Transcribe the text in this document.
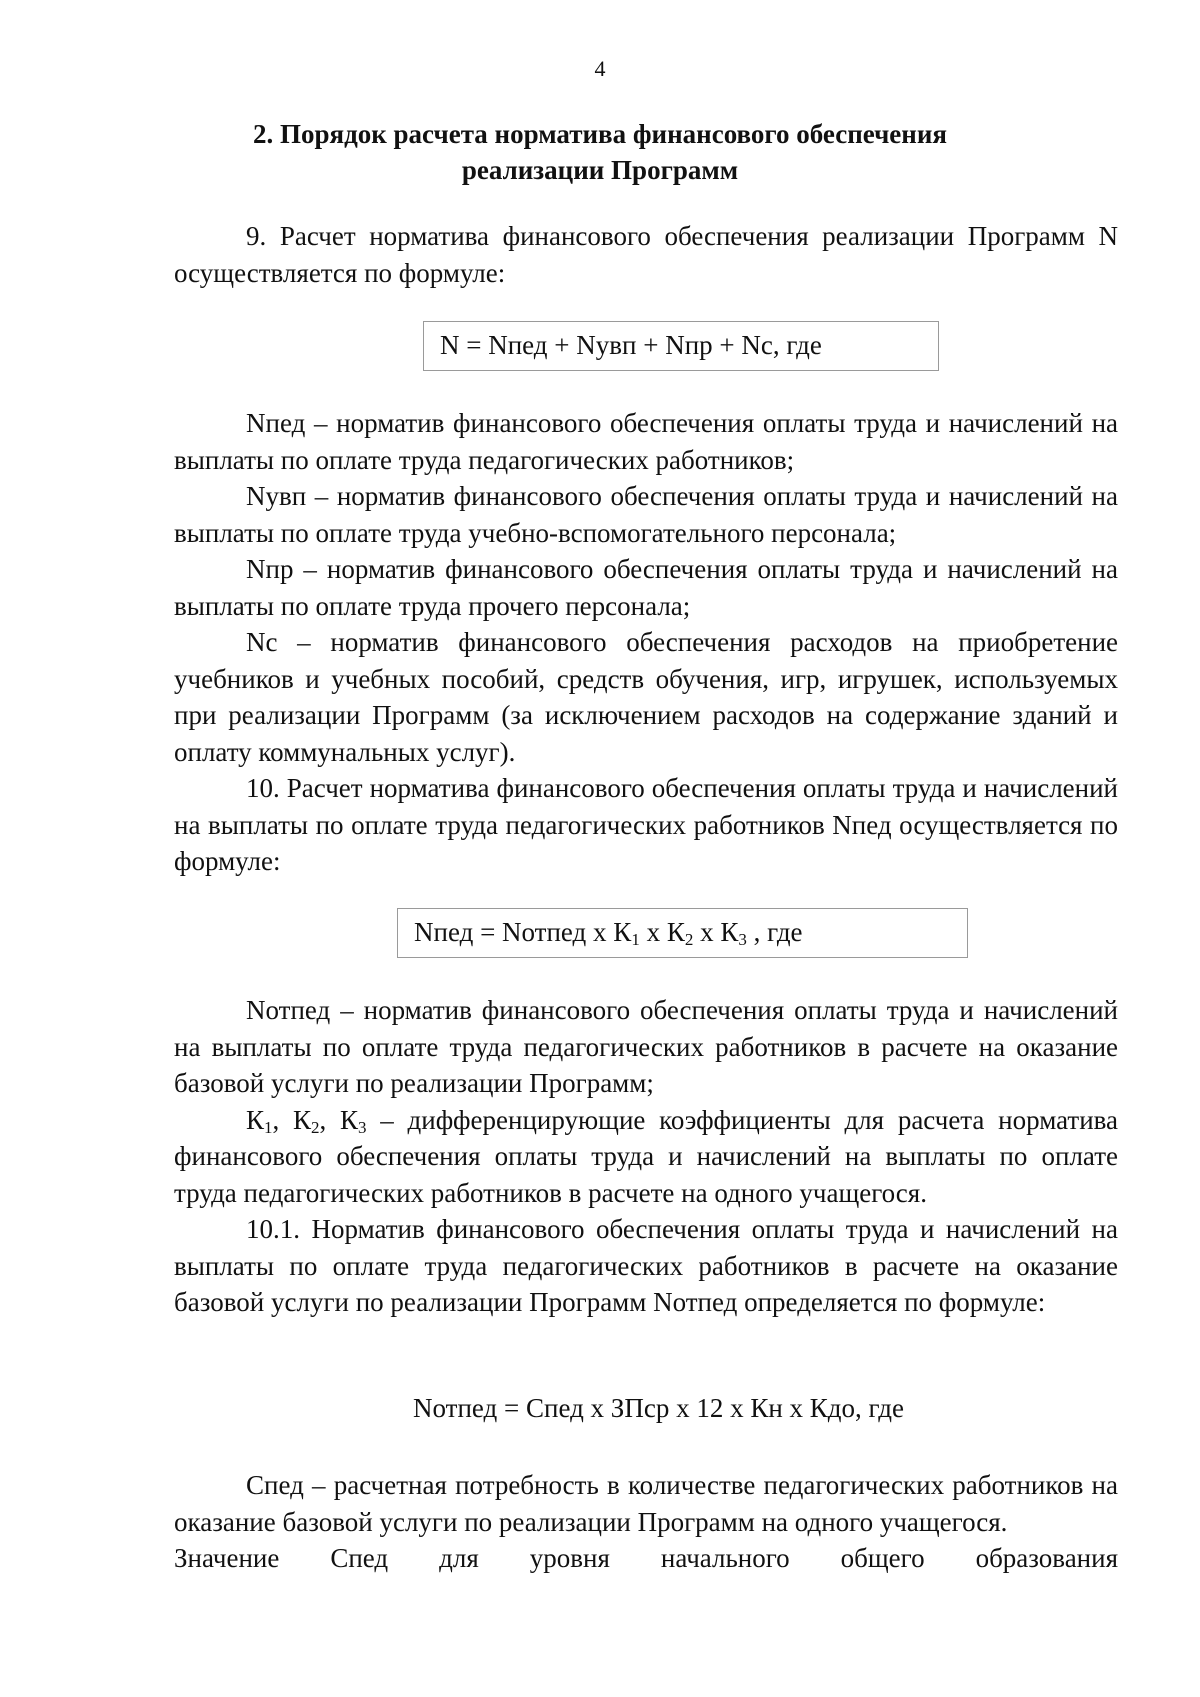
4
2. Порядок расчета норматива финансового обеспечения
реализации Программ

9. Расчет норматива финансового обеспечения реализации Программ N осуществляется по формуле:

N = Nпед + Nувп + Nпр + Nс, где

Nпед – норматив финансового обеспечения оплаты труда и начислений на выплаты по оплате труда педагогических работников;

Nувп – норматив финансового обеспечения оплаты труда и начислений на выплаты по оплате труда учебно-вспомогательного персонала;

Nпр – норматив финансового обеспечения оплаты труда и начислений на выплаты по оплате труда прочего персонала;

Nс – норматив финансового обеспечения расходов на приобретение учебников и учебных пособий, средств обучения, игр, игрушек, используемых при реализации Программ (за исключением расходов на содержание зданий и оплату коммунальных услуг).

10. Расчет норматива финансового обеспечения оплаты труда и начислений на выплаты по оплате труда педагогических работников Nпед осуществляется по формуле:

Nпед = Nотпед х $К_1$ х $К_2$ х $К_3$ , где

Nотпед – норматив финансового обеспечения оплаты труда и начислений на выплаты по оплате труда педагогических работников в расчете на оказание базовой услуги по реализации Программ;

$К_1$, $К_2$, $К_3$ – дифференцирующие коэффициенты для расчета норматива финансового обеспечения оплаты труда и начислений на выплаты по оплате труда педагогических работников в расчете на одного учащегося.

10.1. Норматив финансового обеспечения оплаты труда и начислений на выплаты по оплате труда педагогических работников в расчете на оказание базовой услуги по реализации Программ Nотпед определяется по формуле:

Nотпед = Спед х ЗПср х 12 х Кн х Кдо, где

Спед – расчетная потребность в количестве педагогических работников на оказание базовой услуги по реализации Программ на одного учащегося.

Значение Спед для уровня начального общего образования
